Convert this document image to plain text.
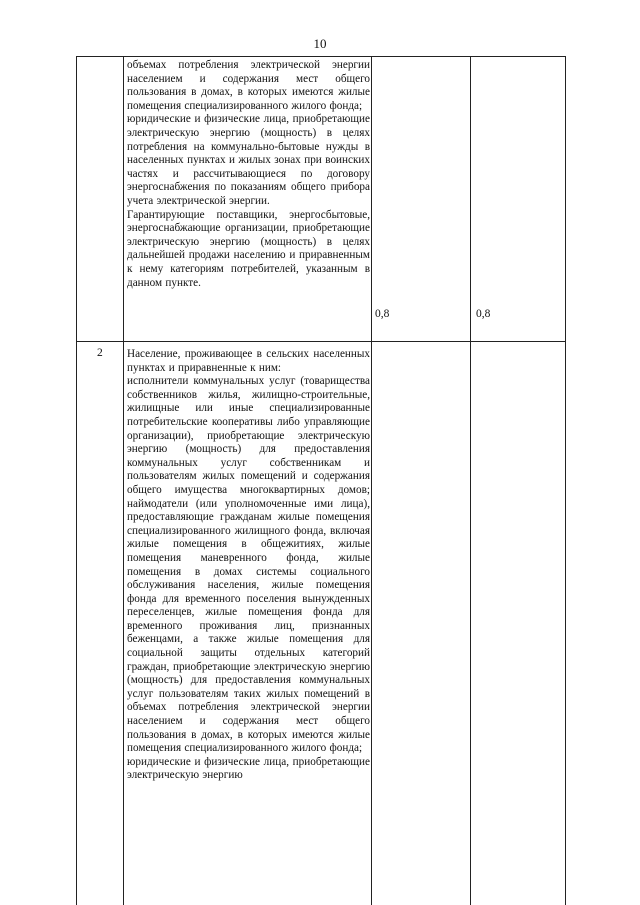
10

объемах потребления электрической энергии населением и содержания мест общего пользования в домах, в которых имеются жилые помещения специализированного жилого фонда;

юридические и физические лица, приобретающие электрическую энергию (мощность) в целях потребления на коммунально-бытовые нужды в населенных пунктах и жилых зонах при воинских частях и рассчитывающиеся по договору энергоснабжения по показаниям общего прибора учета электрической энергии.

Гарантирующие поставщики, энергосбытовые, энергоснабжающие организации, приобретающие электрическую энергию (мощность) в целях дальнейшей продажи населению и приравненным к нему категориям потребителей, указанным в данном пункте.

0,8	0,8
2 Население, проживающее в сельских населенных пунктах и приравненные к ним:

исполнители коммунальных услуг (товарищества собственников жилья, жилищно-строительные, жилищные или иные специализированные потребительские кооперативы либо управляющие организации), приобретающие электрическую энергию (мощность) для предоставления коммунальных услуг собственникам и пользователям жилых помещений и содержания общего имущества многоквартирных домов; наймодатели (или уполномоченные ими лица), предоставляющие гражданам жилые помещения специализированного жилищного фонда, включая жилые помещения в общежитиях, жилые помещения маневренного фонда, жилые помещения в домах системы социального обслуживания населения, жилые помещения фонда для временного поселения вынужденных переселенцев, жилые помещения фонда для временного проживания лиц, признанных беженцами, а также жилые помещения для социальной защиты отдельных категорий граждан, приобретающие электрическую энергию (мощность) для предоставления коммунальных услуг пользователям таких жилых помещений в объемах потребления электрической энергии населением и содержания мест общего пользования в домах, в которых имеются жилые помещения специализированного жилого фонда;

юридические и физические лица, приобретающие электрическую энергию
